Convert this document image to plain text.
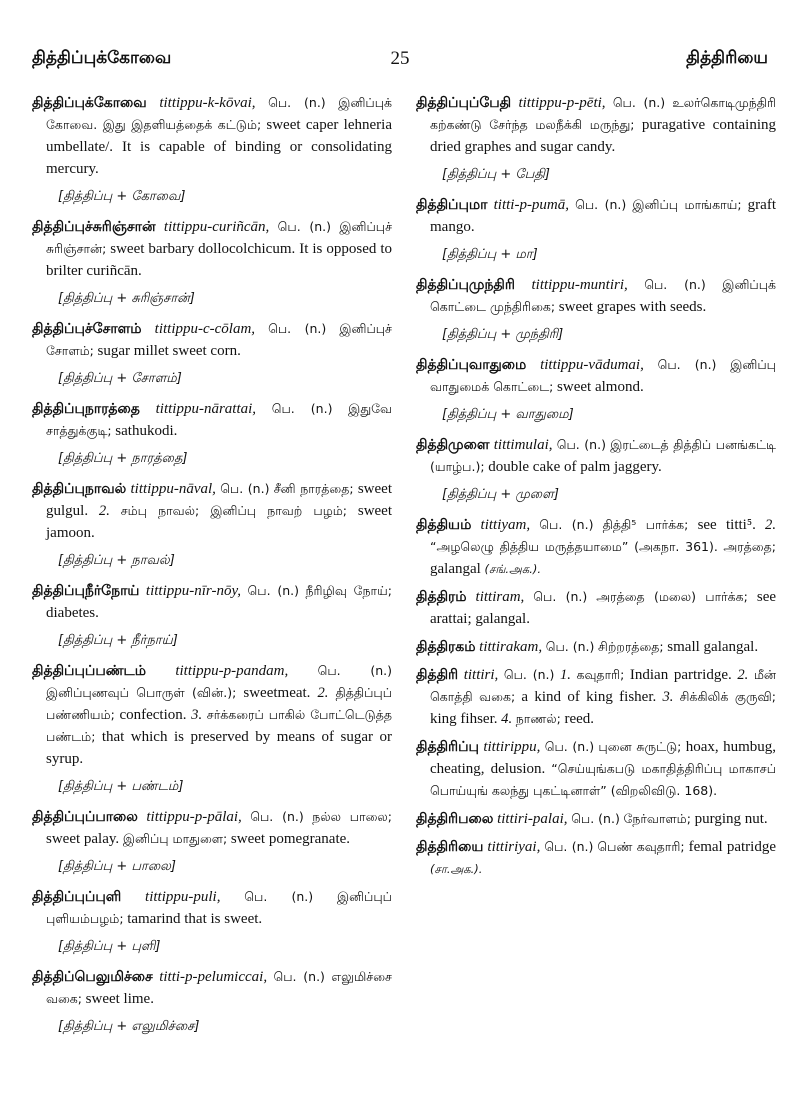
தித்திப்புக்கோவை	25	தித்திரியை
தித்திப்புக்கோவை tittippu-k-kōvai, பெ. (n.) இனிப்புக் கோவை. இது இதளியத்தைக் கட்டும்; sweet caper lehneria umbellate/. It is capable of binding or consolidating mercury.
[தித்திப்பு + கோவை]
தித்திப்புச்சுரிஞ்சான் tittippu-curiñcān, பெ. (n.) இனிப்புச் சுரிஞ்சான்; sweet barbary dollocolchicum. It is opposed to brilter curiñcān.
[தித்திப்பு + சுரிஞ்சான்]
தித்திப்புச்சோளம் tittippu-c-cōlam, பெ. (n.) இனிப்புச் சோளம்; sugar millet sweet corn.
[தித்திப்பு + சோளம்]
தித்திப்புநாரத்தை tittippu-nārattai, பெ. (n.) இதுவே சாத்துக்குடி; sathukodi.
[தித்திப்பு + நாரத்தை]
தித்திப்புநாவல் tittippu-nāval, பெ. (n.) சீனி நாரத்தை; sweet gulgul. 2. சம்பு நாவல்; இனிப்பு நாவற் பழம்; sweet jamoon.
[தித்திப்பு + நாவல்]
தித்திப்புநீர்நோய் tittippu-nīr-nōy, பெ. (n.) நீரிழிவு நோய்; diabetes.
[தித்திப்பு + நீர்நாய்]
தித்திப்புப்பண்டம் tittippu-p-pandam, பெ. (n.) இனிப்புணவுப் பொருள் (வின்.); sweetmeat. 2. தித்திப்புப் பண்ணியம்; confection. 3. சர்க்கரைப் பாகில் போட்டெடுத்த பண்டம்; that which is preserved by means of sugar or syrup.
[தித்திப்பு + பண்டம்]
தித்திப்புப்பாலை tittippu-p-pālai, பெ. (n.) நல்ல பாலை; sweet palay. இனிப்பு மாதுளை; sweet pomegranate.
[தித்திப்பு + பாலை]
தித்திப்புப்புளி tittippu-puli, பெ. (n.) இனிப்புப் புளியம்பழம்; tamarind that is sweet.
[தித்திப்பு + புளி]
தித்திப்பெலுமிச்சை titti-p-pelumiccai, பெ. (n.) எலுமிச்சை வகை; sweet lime.
[தித்திப்பு + எலுமிச்சை]
தித்திப்புப்பேதி tittippu-p-pēti, பெ. (n.) உலர்கொடிமுந்திரி கற்கண்டு சேர்ந்த மலநீக்கி மருந்து; puragative containing dried graphes and sugar candy.
[தித்திப்பு + பேதி]
தித்திப்புமா titti-p-pumā, பெ. (n.) இனிப்பு மாங்காய்; graft mango.
[தித்திப்பு + மா]
தித்திப்புமுந்திரி tittippu-muntiri, பெ. (n.) இனிப்புக் கொட்டை முந்திரிகை; sweet grapes with seeds.
[தித்திப்பு + முந்திரி]
தித்திப்புவாதுமை tittippu-vādumai, பெ. (n.) இனிப்பு வாதுமைக் கொட்டை; sweet almond.
[தித்திப்பு + வாதுமை]
தித்திமுளை tittimulai, பெ. (n.) இரட்டைத் தித்திப் பனங்கட்டி (யாழ்ப.); double cake of palm jaggery.
[தித்திப்பு + முளை]
தித்தியம் tittiyam, பெ. (n.) தித்தி⁵ பார்க்க; see titti⁵. 2. “அழலெழு தித்திய மருத்தயாமை” (அகநா. 361). அரத்தை; galangal (சங்.அக.).
தித்திரம் tittiram, பெ. (n.) அரத்தை (மலை) பார்க்க; see arattai; galangal.
தித்திரகம் tittirakam, பெ. (n.) சிற்றரத்தை; small galangal.
தித்திரி tittiri, பெ. (n.) 1. கவுதாரி; Indian partridge. 2. மீன் கொத்தி வகை; a kind of king fisher. 3. சிக்கிலிக் குருவி; king fihser. 4. நாணல்; reed.
தித்திரிப்பு tittirippu, பெ. (n.) புனை சுருட்டு; hoax, humbug, cheating, delusion. “செய்யுங்கபடு மகாதித்திரிப்பு மாகாசப் பொய்யுங் கலந்து புகட்டினாள்” (விறலிவிடு. 168).
தித்திரிபலை tittiri-palai, பெ. (n.) நேர்வாளம்; purging nut.
தித்திரியை tittiriyai, பெ. (n.) பெண் கவுதாரி; femal patridge (சா.அக.).
